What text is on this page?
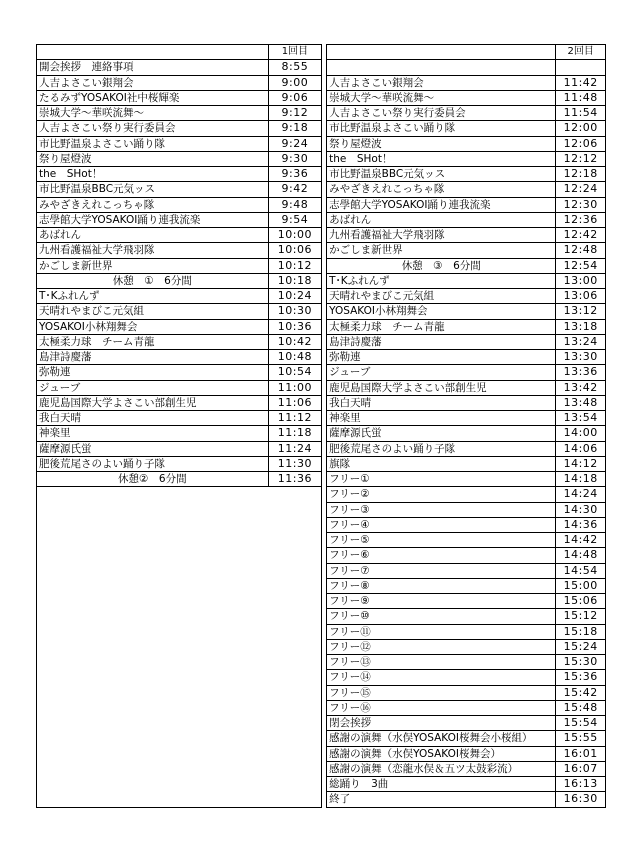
	1回目			2回目
開会挨拶　連絡事項	8:55			
人吉よさこい銀翔会	9:00		人吉よさこい銀翔会	11:42
たるみずYOSAKOI社中桜輝楽	9:06		崇城大学～華咲流舞～	11:48
崇城大学～華咲流舞～	9:12		人吉よさこい祭り実行委員会	11:54
人吉よさこい祭り実行委員会	9:18		市比野温泉よさこい踊り隊	12:00
市比野温泉よさこい踊り隊	9:24		祭り屋燈波	12:06
祭り屋燈波	9:30		the　SHot！	12:12
the　SHot！	9:36		市比野温泉BBC元気ッス	12:18
市比野温泉BBC元気ッス	9:42		みやざきえれこっちゃ隊	12:24
みやざきえれこっちゃ隊	9:48		志學館大学YOSAKOI踊り連我流楽	12:30
志學館大学YOSAKOI踊り連我流楽	9:54		あばれん	12:36
あばれん	10:00		九州看護福祉大学飛羽隊	12:42
九州看護福祉大学飛羽隊	10:06		かごしま新世界	12:48
かごしま新世界	10:12		休憩　③　6分間	12:54
休憩　①　6分間	10:18		T･Kふれんず	13:00
T･Kふれんず	10:24		天晴れやまびこ元気組	13:06
天晴れやまびこ元気組	10:30		YOSAKOI小林翔舞会	13:12
YOSAKOI小林翔舞会	10:36		太極柔力球　チーム青龍	13:18
太極柔力球　チーム青龍	10:42		島津詩慶藩	13:24
島津詩慶藩	10:48		弥勒連	13:30
弥勒連	10:54		ジューブ	13:36
ジューブ	11:00		鹿児島国際大学よさこい部創生児	13:42
鹿児島国際大学よさこい部創生児	11:06		我白天晴	13:48
我白天晴	11:12		神楽里	13:54
神楽里	11:18		薩摩源氏蛍	14:00
薩摩源氏蛍	11:24		肥後荒尾さのよい踊り子隊	14:06
肥後荒尾さのよい踊り子隊	11:30		旗隊	14:12
休憩②　6分間	11:36		フリー①	14:18
			フリー②	14:24
			フリー③	14:30
			フリー④	14:36
			フリー⑤	14:42
			フリー⑥	14:48
			フリー⑦	14:54
			フリー⑧	15:00
			フリー⑨	15:06
			フリー⑩	15:12
			フリー⑪	15:18
			フリー⑫	15:24
			フリー⑬	15:30
			フリー⑭	15:36
			フリー⑮	15:42
			フリー⑯	15:48
			閉会挨拶	15:54
			感謝の演舞（水俣YOSAKOI桜舞会小桜組）	15:55
			感謝の演舞（水俣YOSAKOI桜舞会）	16:01
			感謝の演舞（恋龍水俣＆五ツ太鼓彩流）	16:07
			総踊り　3曲	16:13
			終了	16:30
